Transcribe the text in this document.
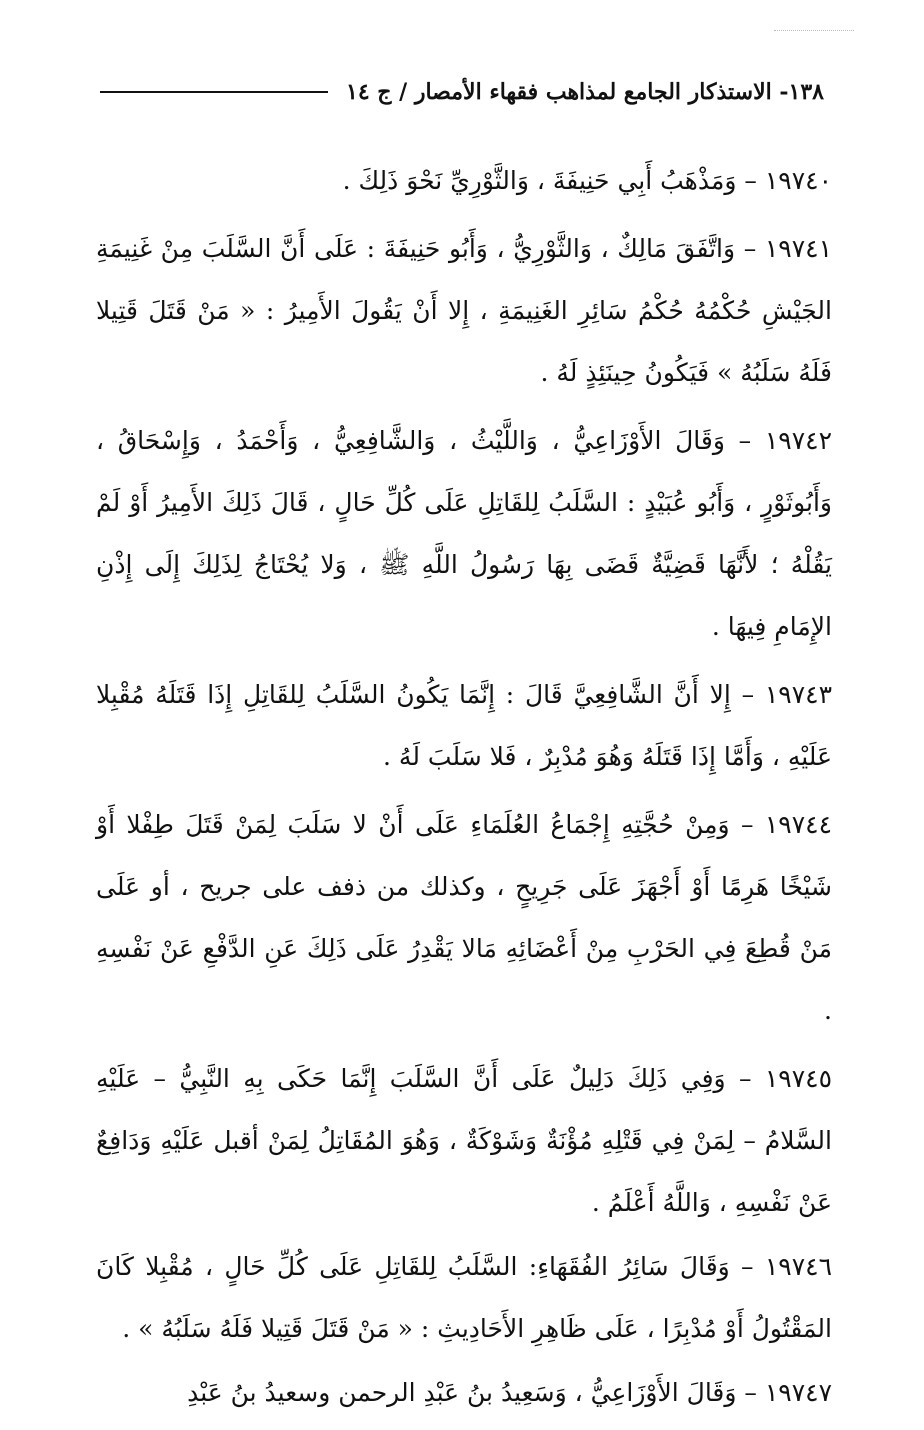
١٣٨- الاستذكار الجامع لمذاهب فقهاء الأمصار / ج ١٤

١٩٧٤٠ – وَمَذْهَبُ أَبِي حَنِيفَةَ ، وَالثَّوْرِيِّ نَحْوَ ذَلِكَ .

١٩٧٤١ – وَاتَّفَقَ مَالِكٌ ، وَالثَّوْرِيُّ ، وَأَبُو حَنِيفَةَ : عَلَى أَنَّ السَّلَبَ مِنْ غَنِيمَةِ الجَيْشِ حُكْمُهُ حُكْمُ سَائِرِ الغَنِيمَةِ ، إِلا أَنْ يَقُولَ الأَمِيرُ : « مَنْ قَتَلَ قَتِيلا فَلَهُ سَلَبُهُ » فَيَكُونُ حِينَئِذٍ لَهُ .

١٩٧٤٢ – وَقَالَ الأَوْزَاعِيُّ ، وَاللَّيْثُ ، وَالشَّافِعِيُّ ، وَأَحْمَدُ ، وَإِسْحَاقُ ، وَأَبُوثَوْرٍ ، وَأَبُو عُبَيْدٍ : السَّلَبُ لِلقَاتِلِ عَلَى كُلِّ حَالٍ ، قَالَ ذَلِكَ الأَمِيرُ أَوْ لَمْ يَقُلْهُ ؛ لأَنَّهَا قَضِيَّةٌ قَضَى بِهَا رَسُولُ اللَّهِ ﷺ ، وَلا يُحْتَاجُ لِذَلِكَ إِلَى إِذْنِ الإِمَامِ فِيهَا .

١٩٧٤٣ – إِلا أَنَّ الشَّافِعِيَّ قَالَ : إِنَّمَا يَكُونُ السَّلَبُ لِلقَاتِلِ إِذَا قَتَلَهُ مُقْبِلا عَلَيْهِ ، وَأَمَّا إِذَا قَتَلَهُ وَهُوَ مُدْبِرٌ ، فَلا سَلَبَ لَهُ .

١٩٧٤٤ – وَمِنْ حُجَّتِهِ إِجْمَاعُ العُلَمَاءِ عَلَى أَنْ لا سَلَبَ لِمَنْ قَتَلَ طِفْلا أَوْ شَيْخًا هَرِمًا أَوْ أَجْهَزَ عَلَى جَرِيحٍ ، وكذلك من ذفف على جريح ، أو عَلَى مَنْ قُطِعَ فِي الحَرْبِ مِنْ أَعْضَائِهِ مَالا يَقْدِرُ عَلَى ذَلِكَ عَنِ الدَّفْعِ عَنْ نَفْسِهِ .

١٩٧٤٥ – وَفِي ذَلِكَ دَلِيلٌ عَلَى أَنَّ السَّلَبَ إِنَّمَا حَكَى بِهِ النَّبِيُّ – عَلَيْهِ السَّلامُ – لِمَنْ فِي قَتْلِهِ مُؤْنَةٌ وَشَوْكَةٌ ، وَهُوَ المُقَاتِلُ لِمَنْ أقبل عَلَيْهِ وَدَافِعٌ عَنْ نَفْسِهِ ، وَاللَّهُ أَعْلَمُ .

١٩٧٤٦ – وَقَالَ سَائِرُ الفُقَهَاءِ: السَّلَبُ لِلقَاتِلِ عَلَى كُلِّ حَالٍ ، مُقْبِلا كَانَ المَقْتُولُ أَوْ مُدْبِرًا ، عَلَى ظَاهِرِ الأَحَادِيثِ : « مَنْ قَتَلَ قَتِيلا فَلَهُ سَلَبُهُ » .

١٩٧٤٧ – وَقَالَ الأَوْزَاعِيُّ ، وَسَعِيدُ بنُ عَبْدِ الرحمن وسعيدُ بنُ عَبْدِ
